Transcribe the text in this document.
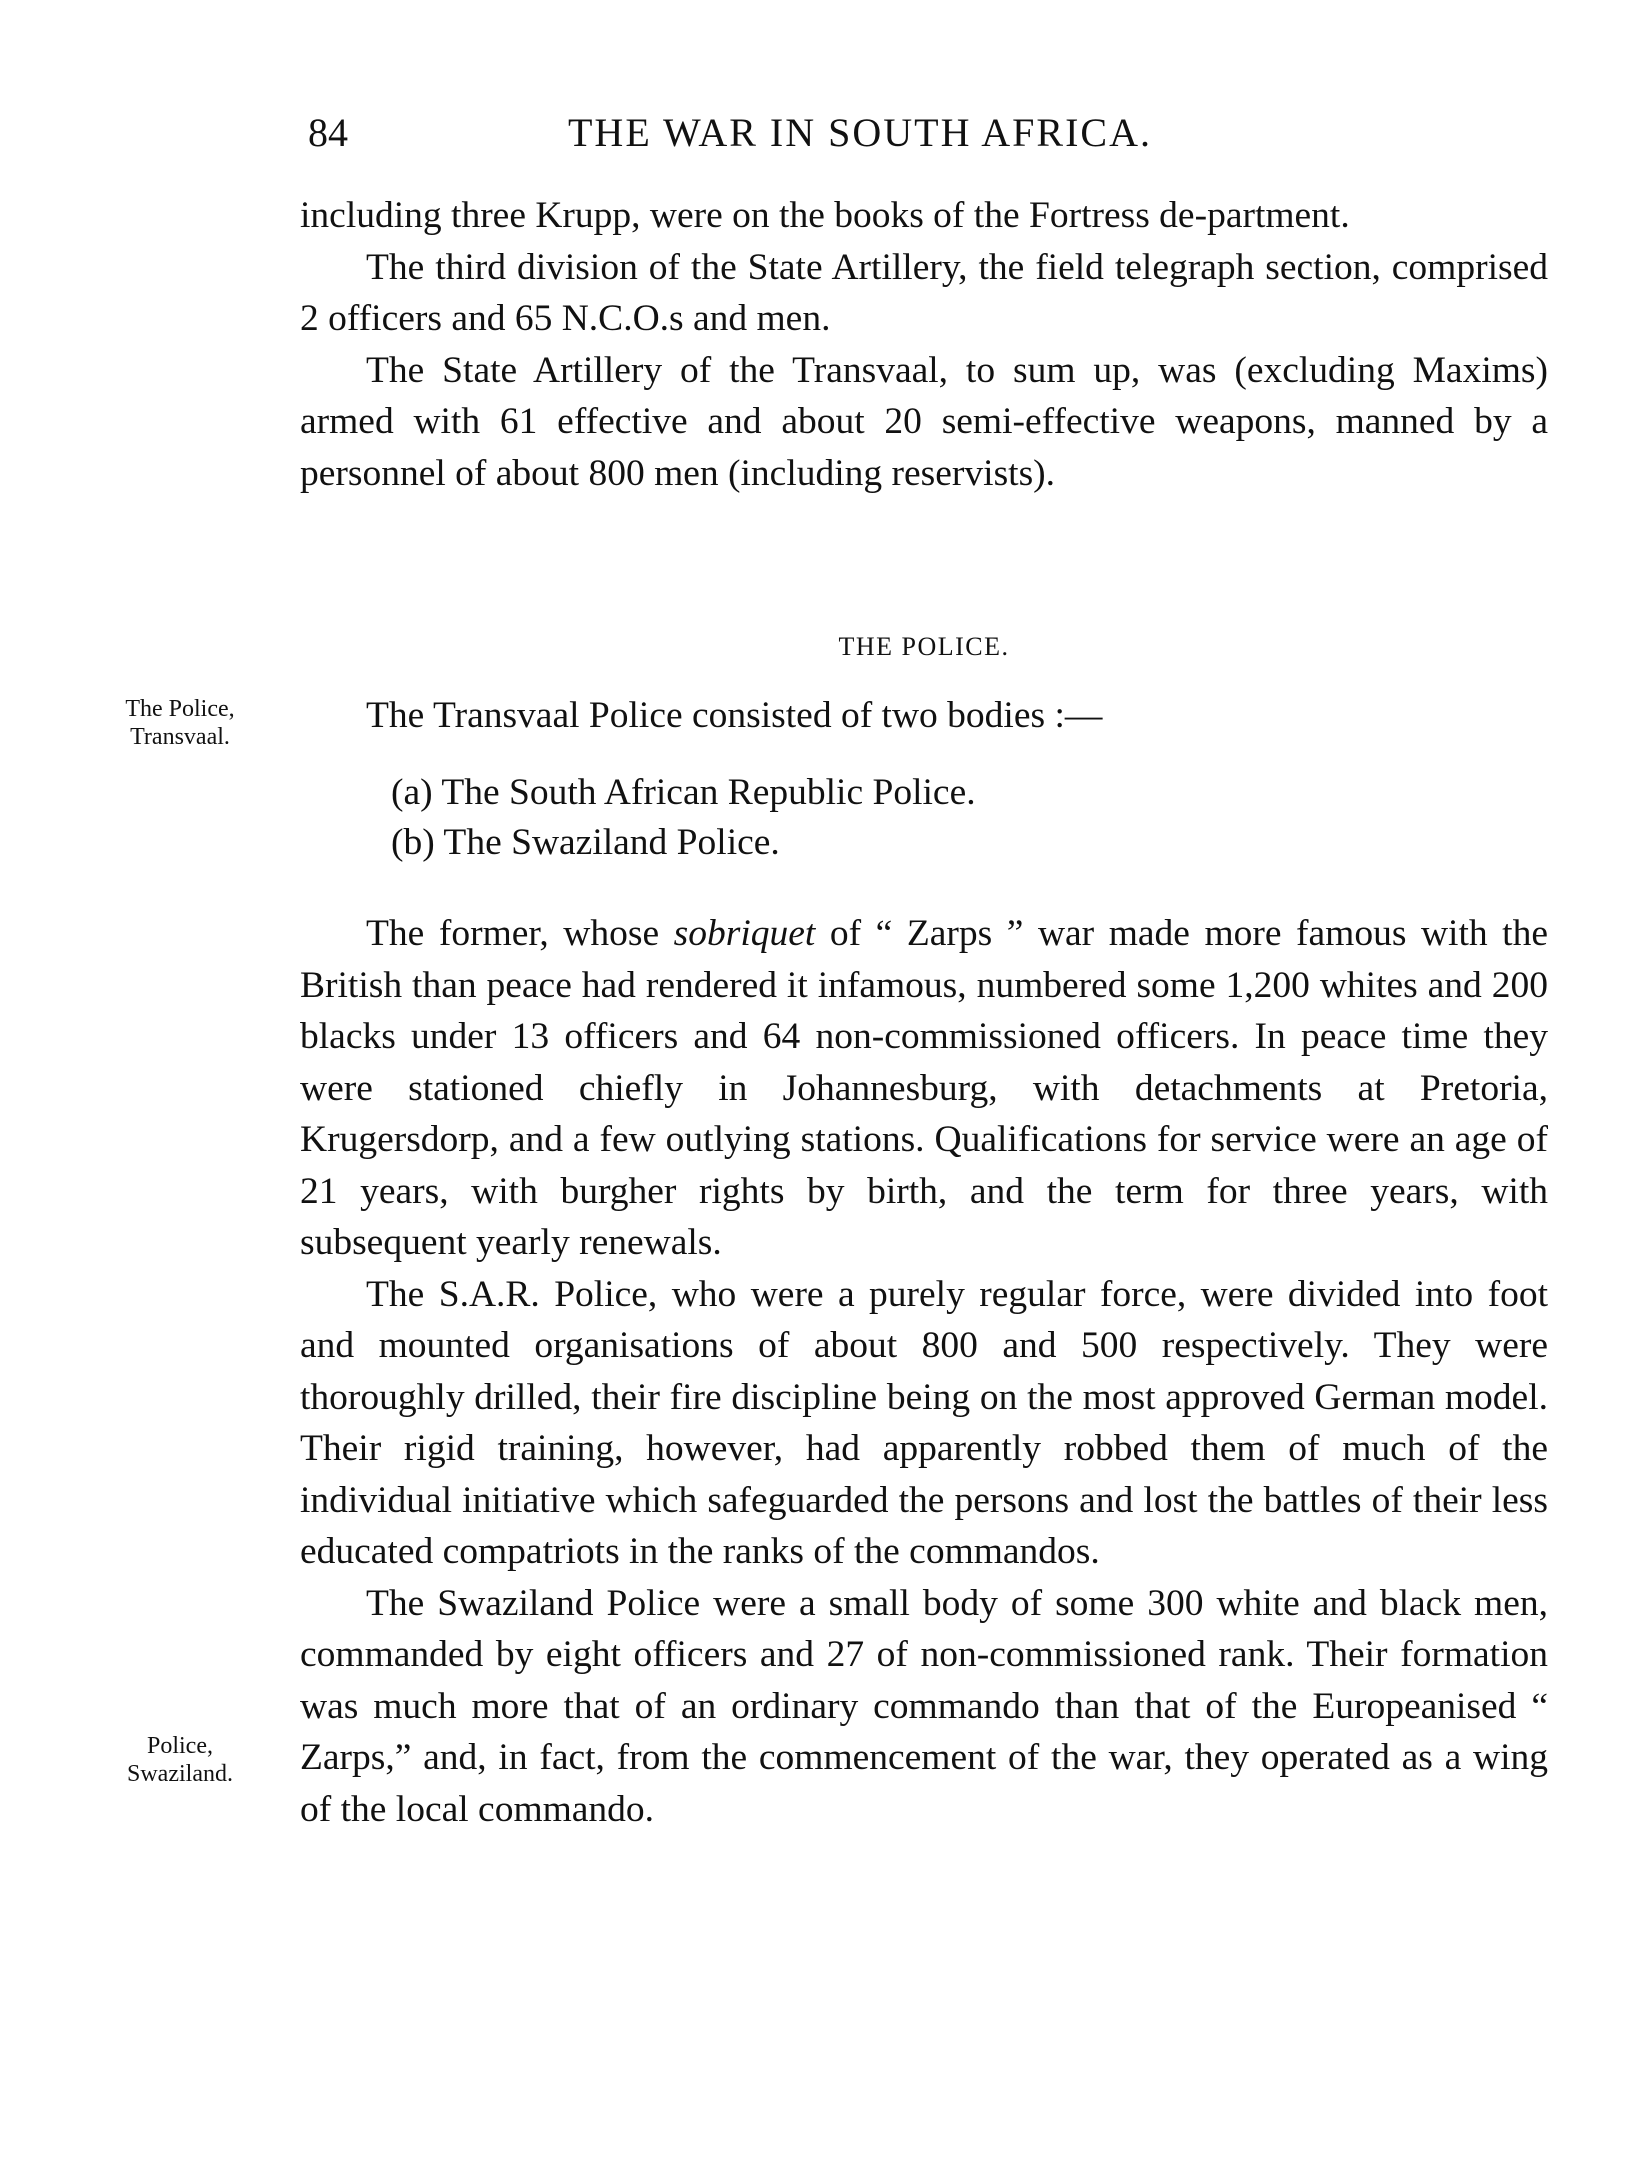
84	THE WAR IN SOUTH AFRICA.

including three Krupp, were on the books of the Fortress de-partment.

The third division of the State Artillery, the field telegraph section, comprised 2 officers and 65 N.C.O.s and men.

The State Artillery of the Transvaal, to sum up, was (excluding Maxims) armed with 61 effective and about 20 semi-effective weapons, manned by a personnel of about 800 men (including reservists).

THE POLICE.
The Police,
Transvaal.

The Transvaal Police consisted of two bodies :—

(a) The South African Republic Police.
(b) The Swaziland Police.

The former, whose sobriquet of “ Zarps ” war made more famous with the British than peace had rendered it infamous, numbered some 1,200 whites and 200 blacks under 13 officers and 64 non-commissioned officers. In peace time they were stationed chiefly in Johannesburg, with detachments at Pretoria, Krugersdorp, and a few outlying stations. Qualifications for service were an age of 21 years, with burgher rights by birth, and the term for three years, with subsequent yearly renewals.

The S.A.R. Police, who were a purely regular force, were divided into foot and mounted organisations of about 800 and 500 respectively. They were thoroughly drilled, their fire discipline being on the most approved German model. Their rigid training, however, had apparently robbed them of much of the individual initiative which safeguarded the persons and lost the battles of their less educated compatriots in the ranks of the commandos.

The Swaziland Police were a small body of some 300 white and black men, commanded by eight officers and 27 of non-commissioned rank. Their formation was much more that of an ordinary commando than that of the Europeanised “ Zarps,” and, in fact, from the commencement of the war, they operated as a wing of the local commando.

Police,
Swaziland.
